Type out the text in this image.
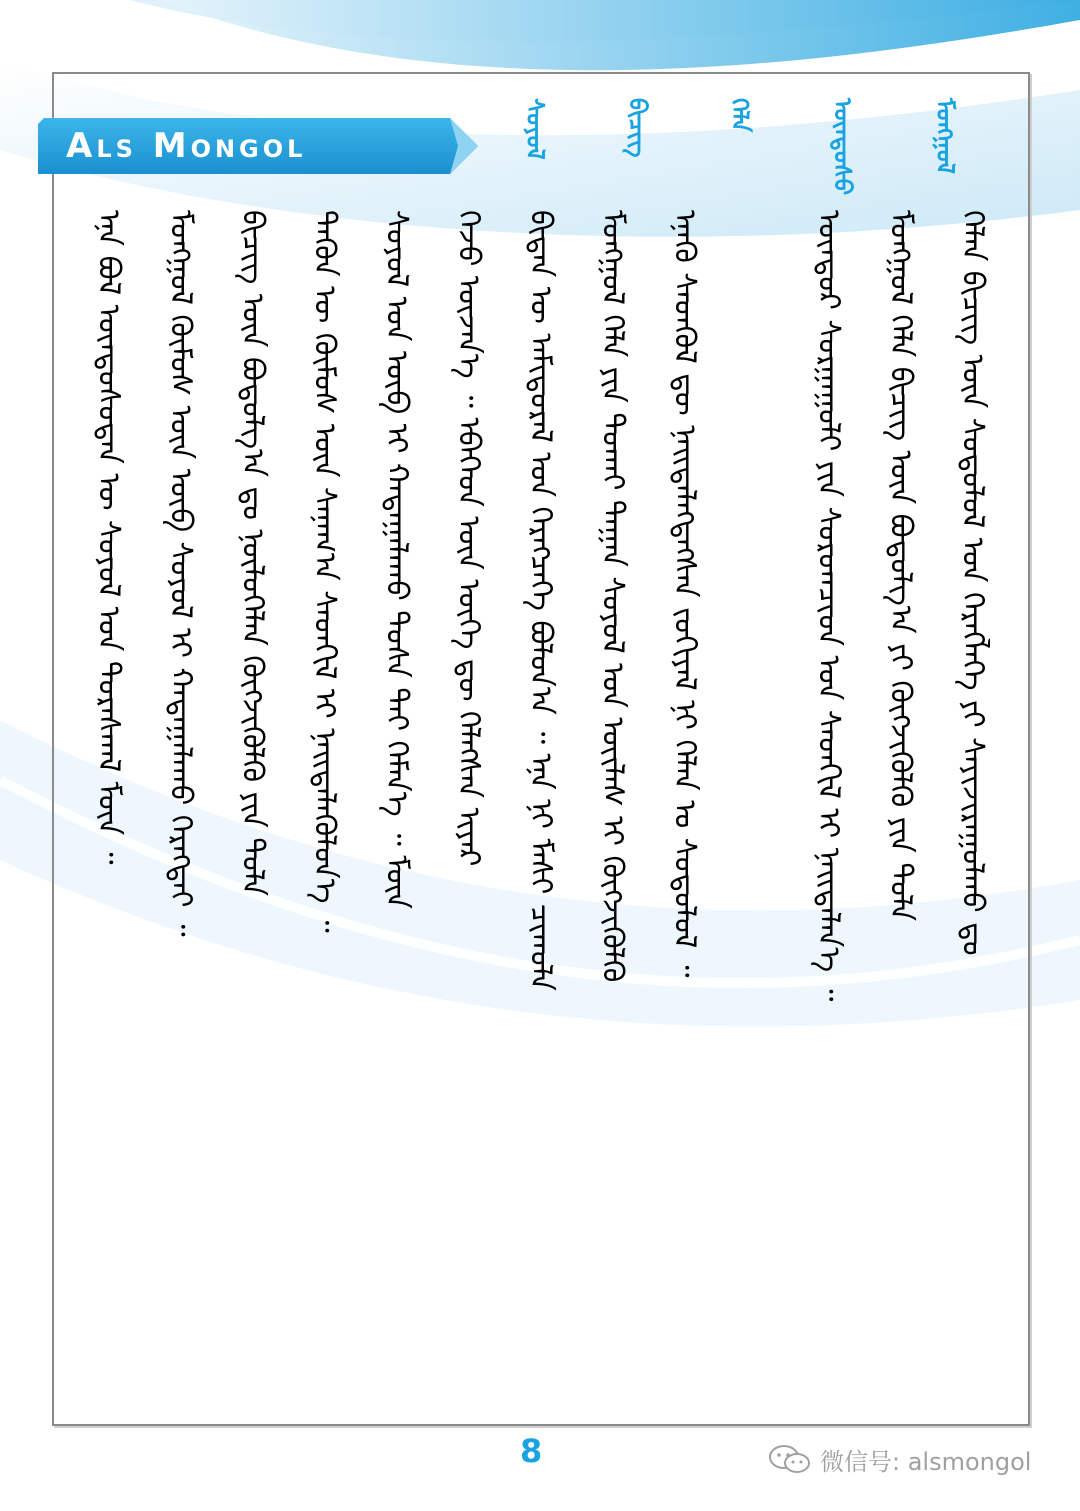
Als Mongol	ᠮᠣᠩᠭᠣᠯ
ᠦᠨᠳᠦᠰᠦ
ᠬᠡᠯᠡ
ᠪᠢᠴᠢᠭ
ᠰᠣᠶᠣᠯ
ᠡᠨᠡ ᠪᠣᠯ ᠦᠨᠳᠦᠰᠦᠲᠡᠨ ᠦ ᠰᠣᠶᠣᠯ ᠤᠨ ᠳᠤᠷᠠᠰᠬᠠᠯ ᠮᠥᠨ ᠃ ᠮᠣᠩᠭᠣᠯ ᠬᠦᠮᠦᠰ ᠦᠨ ᠥᠪ ᠰᠣᠶᠣᠯ ᠢ ᠬᠠᠳᠠᠭᠠᠯᠠᠬᠤ ᠬᠡᠷᠡᠭᠲᠡᠢ ᠃ ᠪᠢᠴᠢᠭ ᠦᠨ ᠪᠣᠳᠣᠯᠭ᠎ᠠ ᠳᠤ ᠨᠥᠯᠦᠭᠡᠯᠡᠨ ᠬᠥᠭᠵᠢᠭᠦᠯᠬᠦ ᠶᠢᠨ ᠲᠤᠯᠠ ᠲᠡᠭᠦᠨ ᠦ ᠬᠦᠮᠦᠰ ᠦᠨ ᠰᠠᠨᠠᠭ᠎ᠠ ᠰᠡᠳᠬᠢᠯ ᠢ ᠨᠡᠢᠲᠡᠯᠡᠭᠦᠯᠦᠨ᠎ᠡ ᠃ ᠰᠣᠶᠣᠯ ᠤᠨ ᠥᠪ ᠢ ᠬᠠᠳᠠᠭᠠᠯᠠᠬᠤ ᠲᠤᠰᠠ ᠲᠠᠢ ᠬᠡᠮᠡᠨ᠎ᠡ ᠃ ᠮᠥᠨ ᠭᠡᠵᠦ ᠦᠵᠡᠨ᠎ᠡ ᠃ ᠡᠪᠡᠭᠡᠳ ᠦᠨ ᠦᠭᠡ ᠳᠦ ᠬᠡᠯᠡᠭᠰᠡᠨ ᠢᠶᠠᠷ ᠪᠢᠳᠡᠨ ᠦ ᠠᠮᠢᠳᠤᠷᠠᠯ ᠤᠨ ᠬᠡᠷᠡᠭᠴᠡᠭᠡ ᠪᠣᠯᠤᠨ᠎ᠠ ᠃ ᠡᠨᠡ ᠨᠢ ᠮᠠᠰᠢ ᠴᠢᠬᠤᠯᠠ ᠮᠣᠩᠭᠣᠯ ᠬᠡᠯᠡ ᠶᠢᠨ ᠲᠤᠬᠠᠢ ᠳᠠᠭᠠᠨ ᠰᠣᠶᠣᠯ ᠤᠨ ᠦᠢᠯᠡᠰ ᠢ ᠬᠥᠭᠵᠢᠭᠦᠯᠬᠦ ᠡᠨᠡᠬᠦ ᠰᠡᠳᠬᠦᠯ ᠳᠦ ᠨᠡᠢᠲᠡᠯᠡᠭᠳᠡᠭᠰᠡᠨ ᠵᠣᠬᠢᠶᠠᠯ ᠨᠢ ᠬᠡᠯᠡᠨ ᠤ ᠰᠤᠳᠤᠯᠤᠯ ᠃	ᠥᠨᠳᠥᠷ ᠰᠤᠷᠭᠠᠭᠤᠯᠢ ᠶᠢᠨ ᠰᠤᠷᠤᠭᠴᠢᠳ ᠤᠨ ᠰᠡᠳᠬᠢᠯ ᠢ ᠨᠡᠢᠲᠡᠯᠡᠨ᠎ᠡ ᠃ ᠮᠣᠩᠭᠣᠯ ᠬᠡᠯᠡ ᠪᠢᠴᠢᠭ ᠦᠨ ᠪᠣᠳᠣᠯᠭ᠎ᠠ ᠶᠢ ᠬᠥᠭᠵᠢᠭᠦᠯᠬᠦ ᠶᠢᠨ ᠲᠤᠯᠠ ᠬᠡᠯᠡᠨ ᠪᠢᠴᠢᠭ ᠦᠨ ᠰᠤᠳᠤᠯᠤᠯ ᠤᠨ ᠬᠡᠷᠡᠭᠯᠡᠭᠡ ᠶᠢ ᠰᠠᠶᠢᠵᠢᠷᠠᠭᠤᠯᠬᠤ ᠳᠤ
8	微信号: alsmongol
